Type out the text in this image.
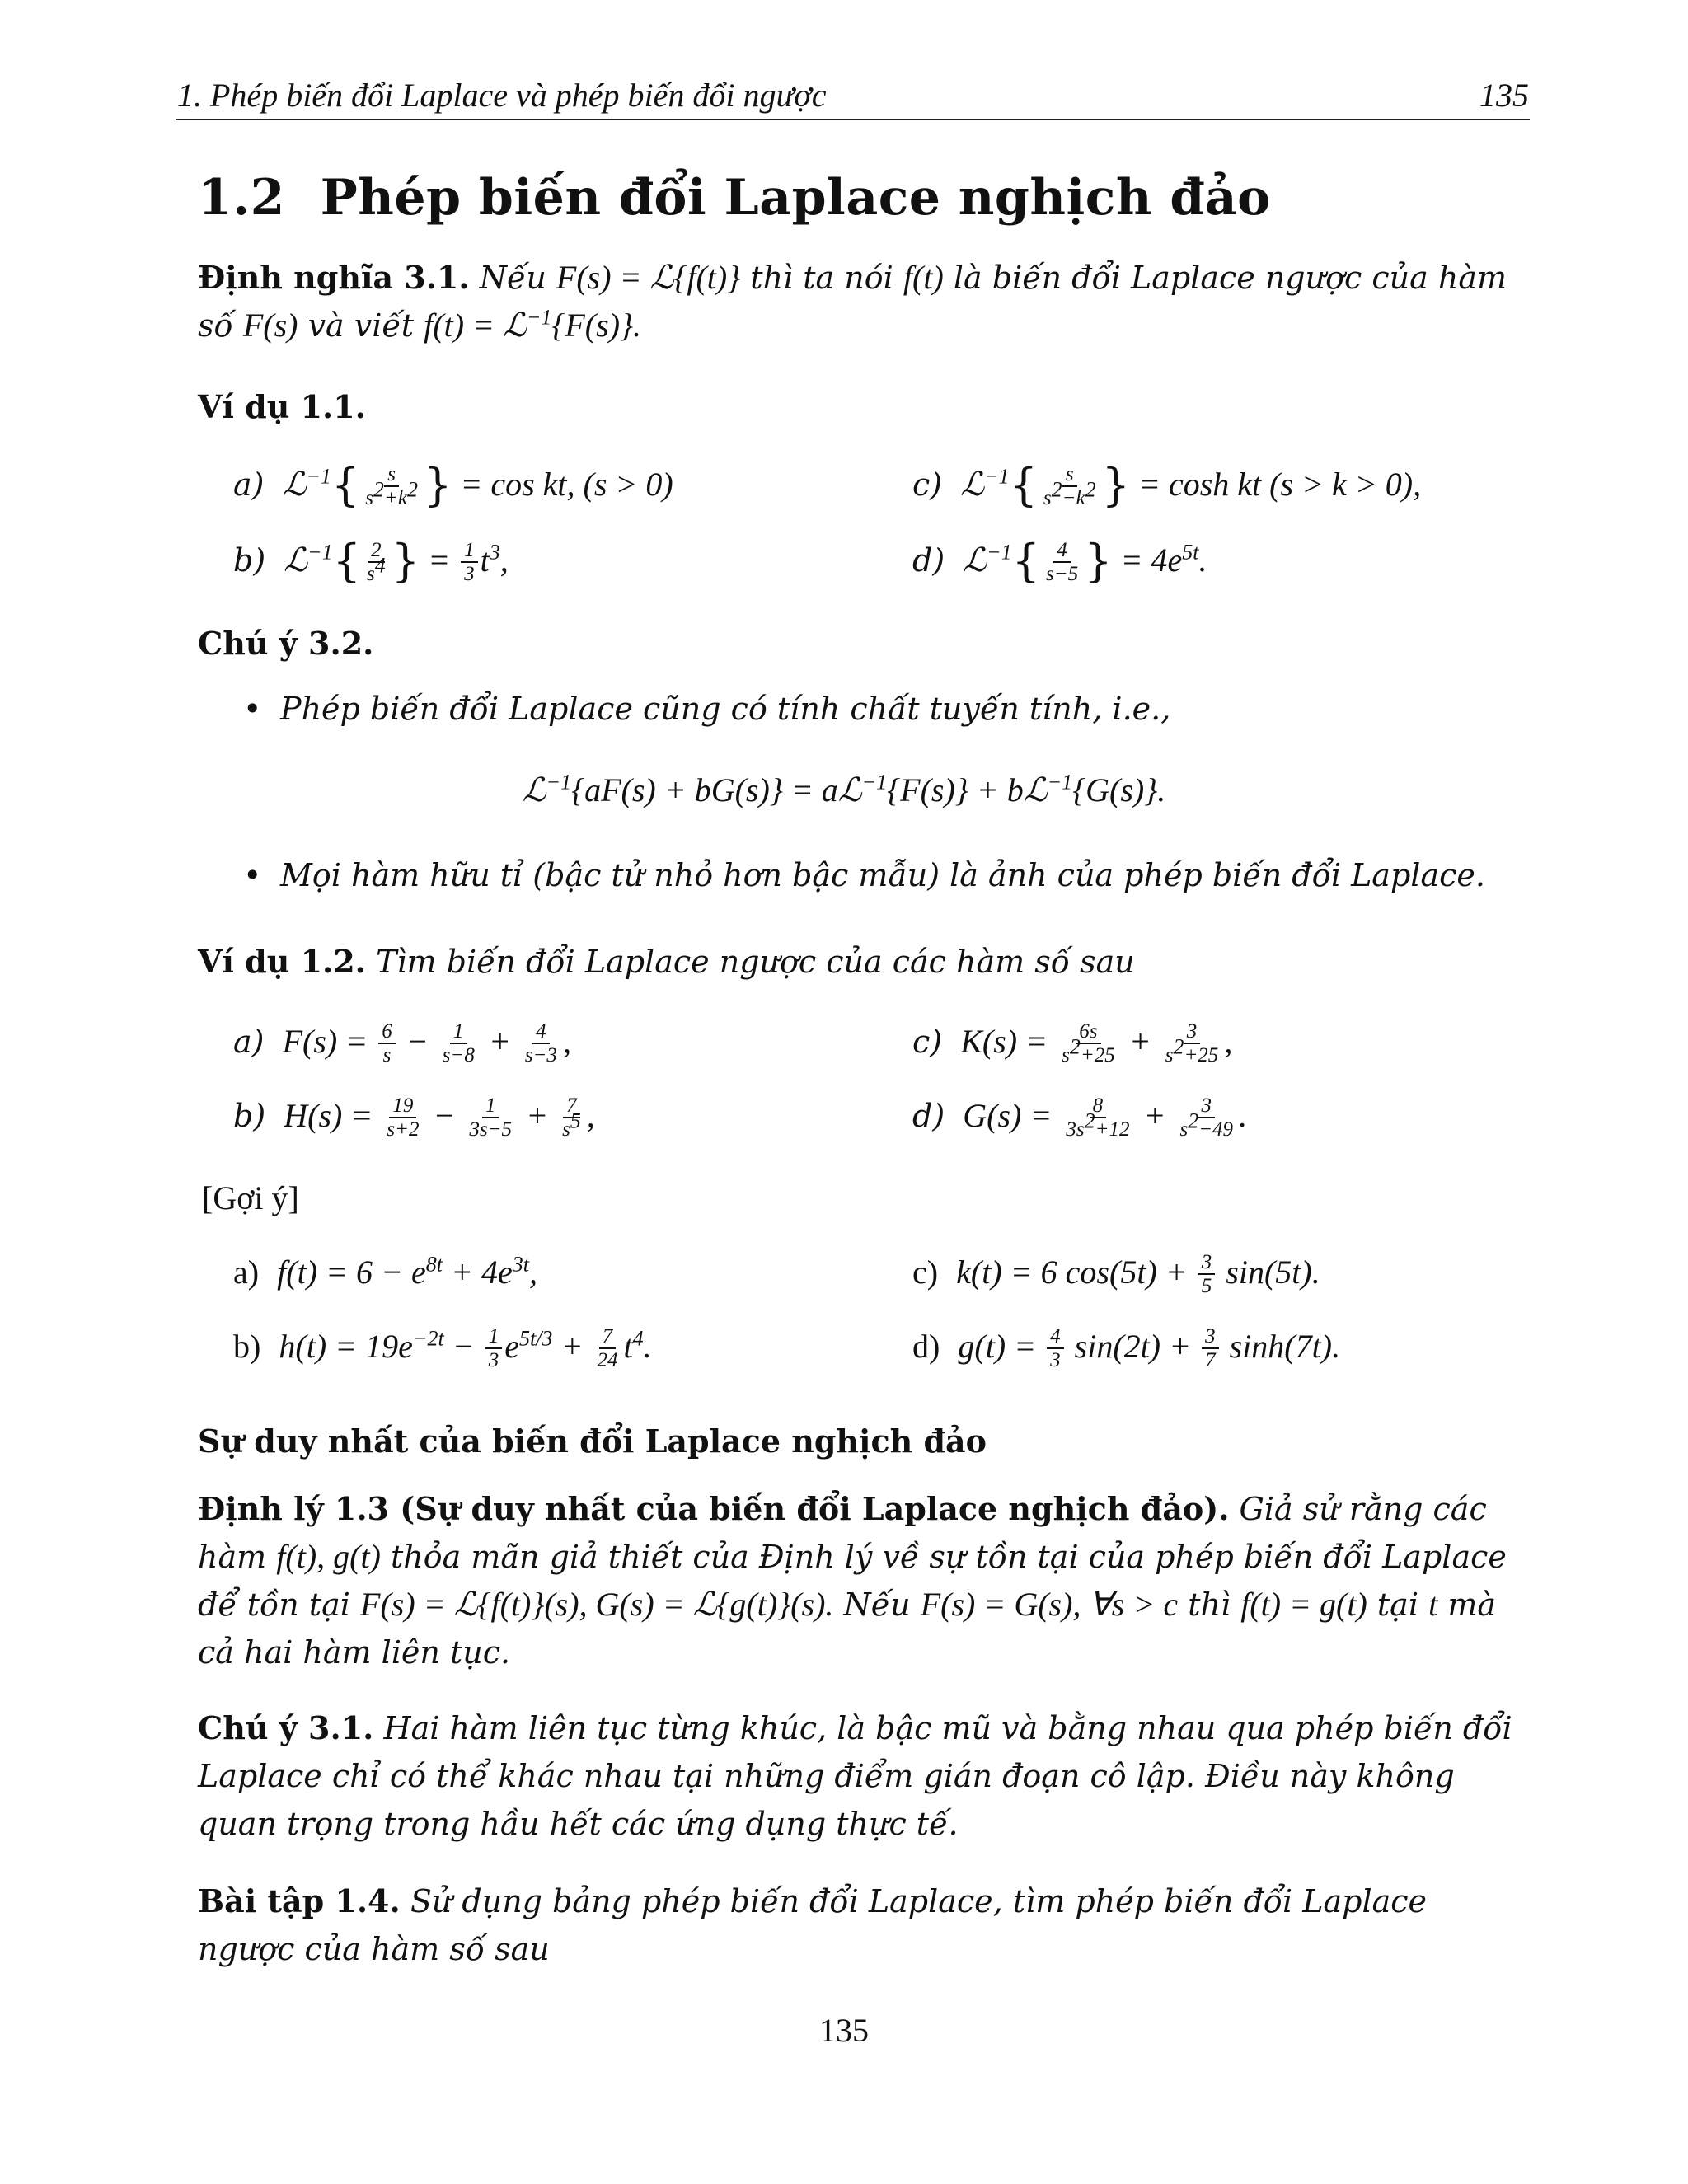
1. Phép biến đổi Laplace và phép biến đổi ngược	135
1.2 Phép biến đổi Laplace nghịch đảo
Định nghĩa 3.1. Nếu F(s) = ℒ{f(t)} thì ta nói f(t) là biến đổi Laplace ngược của hàm số F(s) và viết f(t) = ℒ$^{-1}${F(s)}.
Ví dụ 1.1.
a) ℒ$^{-1}${ $\frac{s}{s^2+k^2}$ } = cos kt, (s > 0)
b) ℒ$^{-1}${ $\frac{2}{s^4}$ } = $\frac{1}{3} t^3$,
c) ℒ$^{-1}${ $\frac{s}{s^2-k^2}$ } = cosh kt (s > k > 0),
d) ℒ$^{-1}${ $\frac{4}{s-5}$ } = $4e^{5t}$.
Chú ý 3.2.
• Phép biến đổi Laplace cũng có tính chất tuyến tính, i.e.,
ℒ$^{-1}${aF(s) + bG(s)} = aℒ$^{-1}${F(s)} + bℒ$^{-1}${G(s)}.
• Mọi hàm hữu tỉ (bậc tử nhỏ hơn bậc mẫu) là ảnh của phép biến đổi Laplace.
Ví dụ 1.2. Tìm biến đổi Laplace ngược của các hàm số sau
a) $F(s) = \frac{6}{s} - \frac{1}{s-8} + \frac{4}{s-3}$ ,
b) $H(s) = \frac{19}{s+2} - \frac{1}{3s-5} + \frac{7}{s^5}$ ,
c) $K(s) = \frac{6s}{s^2+25} + \frac{3}{s^2+25}$ ,
d) $G(s) = \frac{8}{3s^2+12} + \frac{3}{s^2-49}$ .
[Gợi ý]
a) $f(t) = 6 - e^{8t} + 4e^{3t}$,
b) $h(t) = 19e^{-2t} - \frac{1}{3} e^{5t/3} + \frac{7}{24} t^4$.
c) k(t) = 6 $\cos(5t) + \frac{3}{5} \sin(5t)$.
d) $g(t) = \frac{4}{3} \sin(2t) + \frac{3}{7} \sinh(7t)$.
Sự duy nhất của biến đổi Laplace nghịch đảo
Định lý 1.3 (Sự duy nhất của biến đổi Laplace nghịch đảo). Giả sử rằng các hàm f(t), g(t) thỏa mãn giả thiết của Định lý về sự tồn tại của phép biến đổi Laplace để tồn tại F(s) = ℒ{f(t)}(s), G(s) = ℒ{g(t)}(s). Nếu F(s) = G(s), ∀s > c thì f(t) = g(t) tại t mà cả hai hàm liên tục.
Chú ý 3.1. Hai hàm liên tục từng khúc, là bậc mũ và bằng nhau qua phép biến đổi Laplace chỉ có thể khác nhau tại những điểm gián đoạn cô lập. Điều này không quan trọng trong hầu hết các ứng dụng thực tế.
Bài tập 1.4. Sử dụng bảng phép biến đổi Laplace, tìm phép biến đổi Laplace ngược của hàm số sau
135
